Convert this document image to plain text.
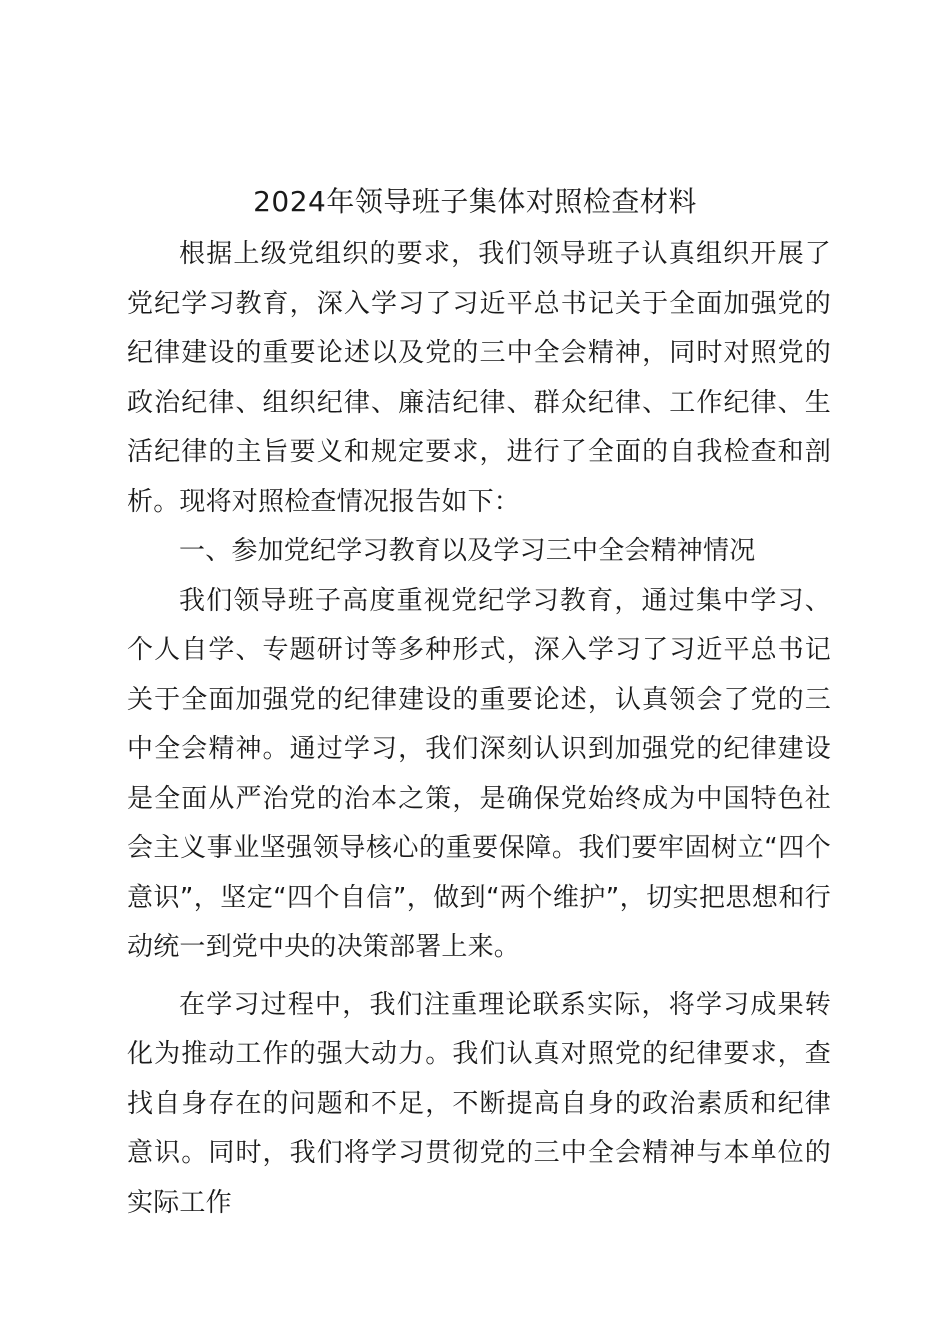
2024年领导班子集体对照检查材料

根据上级党组织的要求，我们领导班子认真组织开展了党纪学习教育，深入学习了习近平总书记关于全面加强党的纪律建设的重要论述以及党的三中全会精神，同时对照党的政治纪律、组织纪律、廉洁纪律、群众纪律、工作纪律、生活纪律的主旨要义和规定要求，进行了全面的自我检查和剖析。现将对照检查情况报告如下：

一、参加党纪学习教育以及学习三中全会精神情况

我们领导班子高度重视党纪学习教育，通过集中学习、个人自学、专题研讨等多种形式，深入学习了习近平总书记关于全面加强党的纪律建设的重要论述，认真领会了党的三中全会精神。通过学习，我们深刻认识到加强党的纪律建设是全面从严治党的治本之策，是确保党始终成为中国特色社会主义事业坚强领导核心的重要保障。我们要牢固树立“四个意识”，坚定“四个自信”，做到“两个维护”，切实把思想和行动统一到党中央的决策部署上来。

在学习过程中，我们注重理论联系实际，将学习成果转化为推动工作的强大动力。我们认真对照党的纪律要求，查找自身存在的问题和不足，不断提高自身的政治素质和纪律意识。同时，我们将学习贯彻党的三中全会精神与本单位的实际工作
